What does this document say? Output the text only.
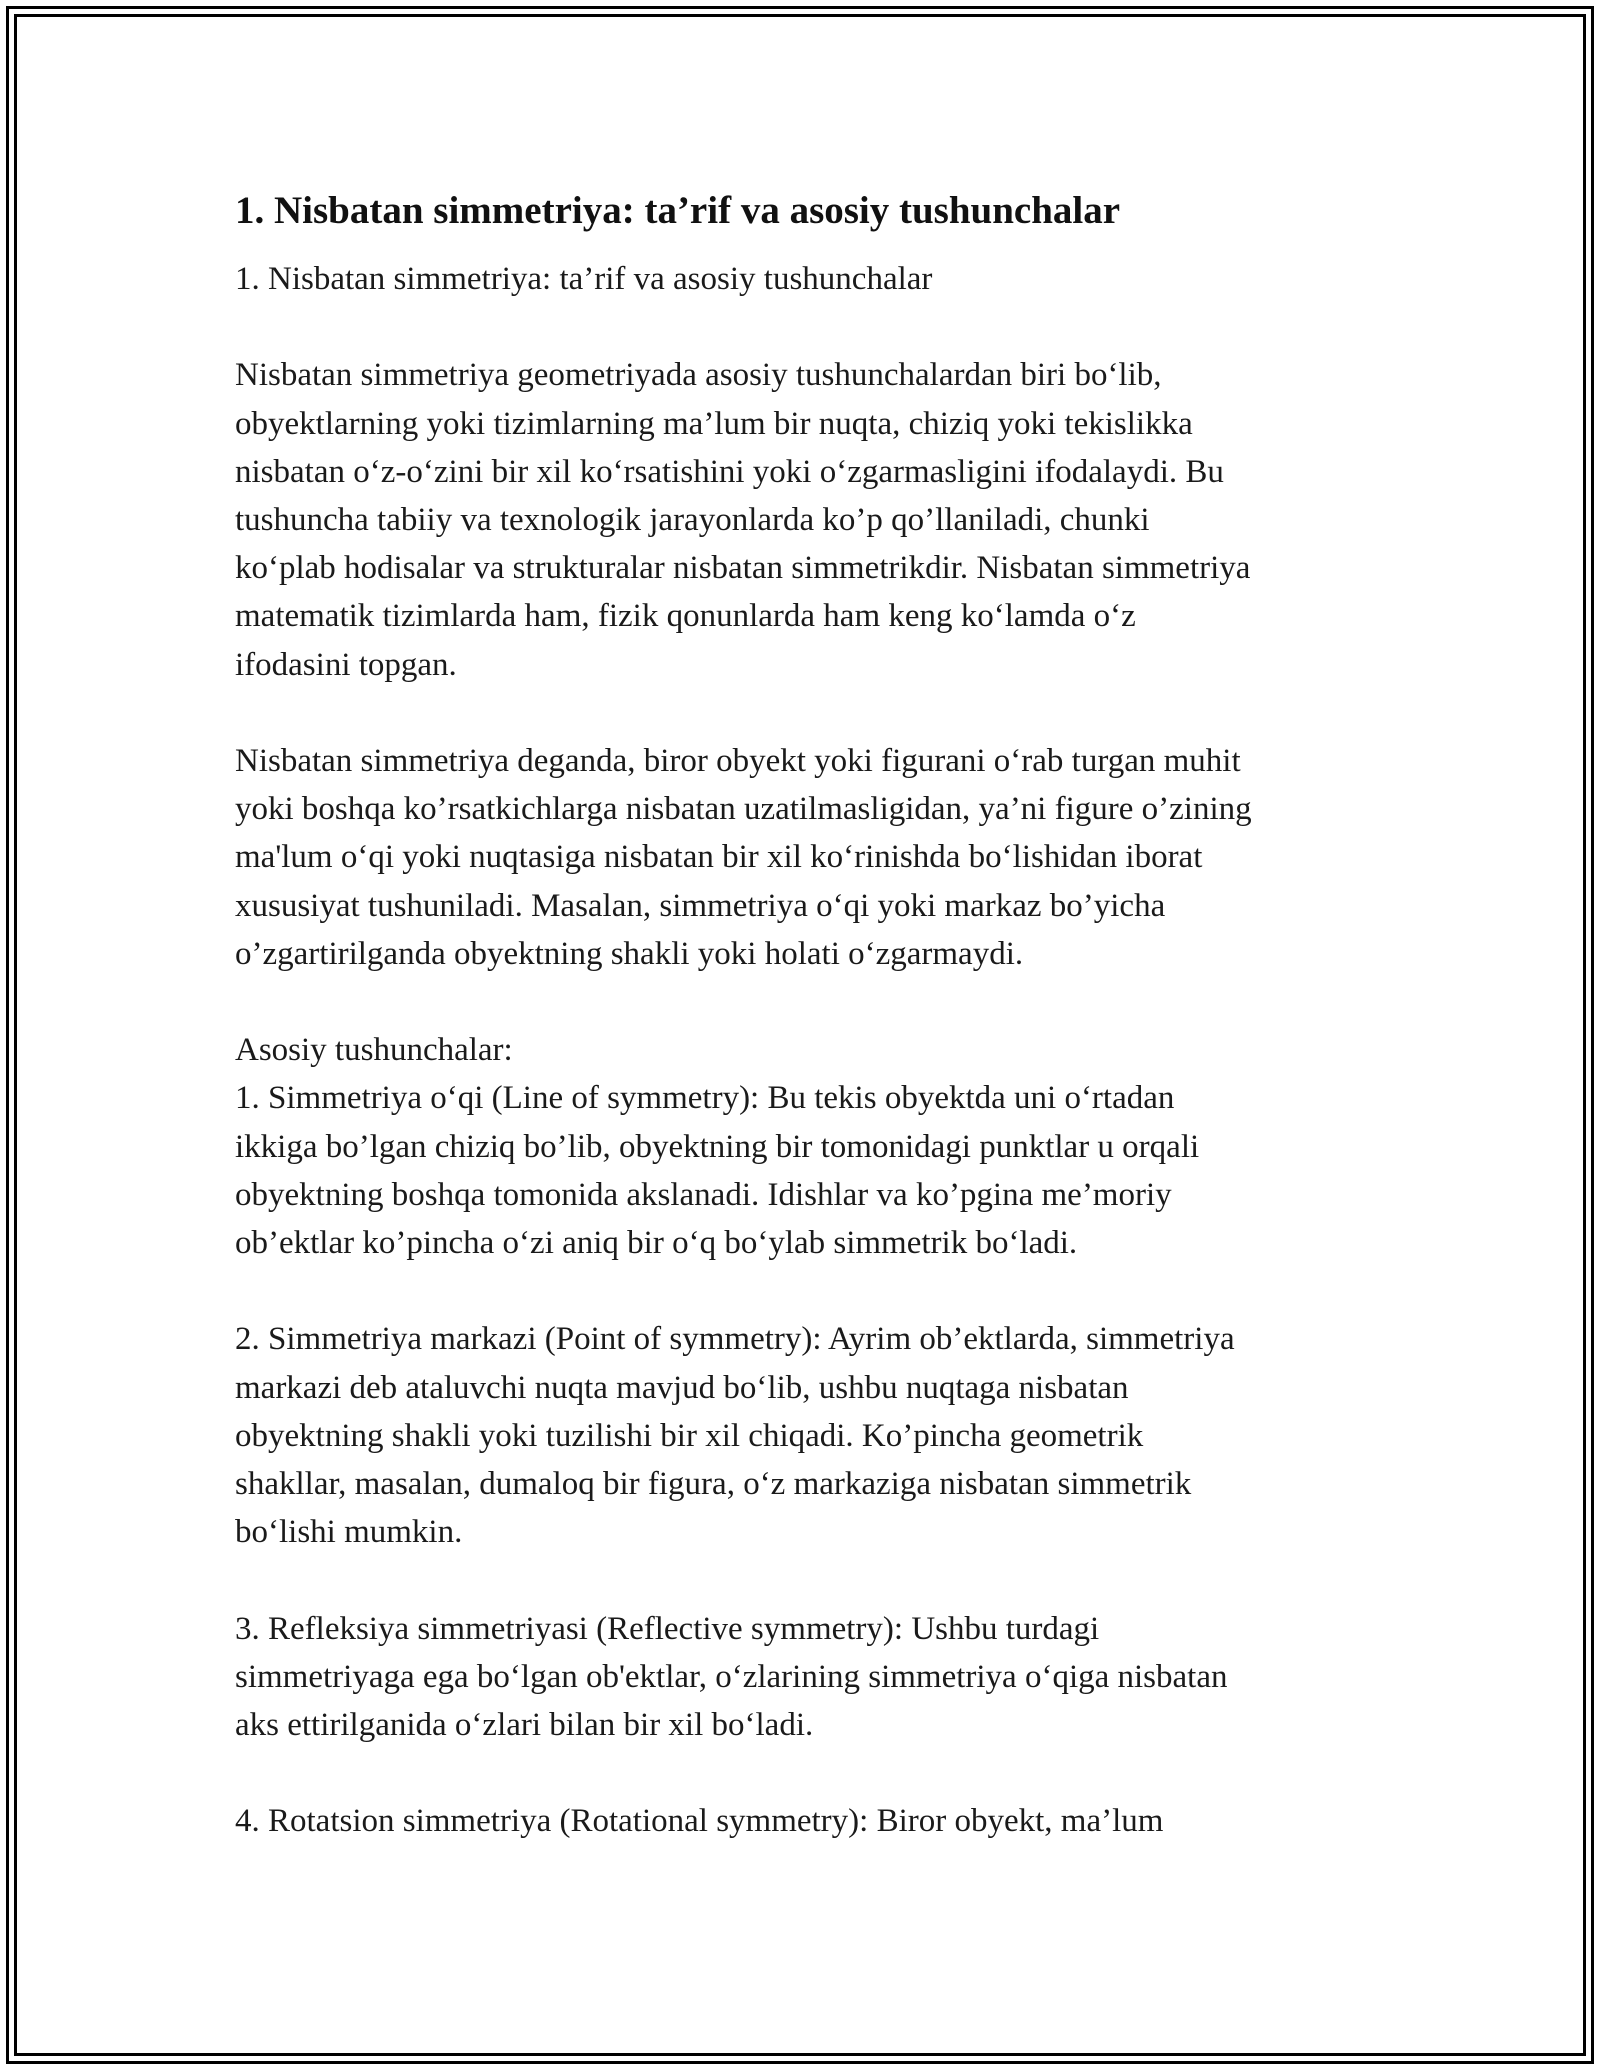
1. Nisbatan simmetriya: ta’rif va asosiy tushunchalar
1. Nisbatan simmetriya: ta’rif va asosiy tushunchalar
Nisbatan simmetriya geometriyada asosiy tushunchalardan biri bo‘lib,
obyektlarning yoki tizimlarning ma’lum bir nuqta, chiziq yoki tekislikka
nisbatan o‘z-o‘zini bir xil ko‘rsatishini yoki o‘zgarmasligini ifodalaydi. Bu
tushuncha tabiiy va texnologik jarayonlarda ko’p qo’llaniladi, chunki
ko‘plab hodisalar va strukturalar nisbatan simmetrikdir. Nisbatan simmetriya
matematik tizimlarda ham, fizik qonunlarda ham keng ko‘lamda o‘z
ifodasini topgan.
Nisbatan simmetriya deganda, biror obyekt yoki figurani o‘rab turgan muhit
yoki boshqa ko’rsatkichlarga nisbatan uzatilmasligidan, ya’ni figure o’zining
ma'lum o‘qi yoki nuqtasiga nisbatan bir xil ko‘rinishda bo‘lishidan iborat
xususiyat tushuniladi. Masalan, simmetriya o‘qi yoki markaz bo’yicha
o’zgartirilganda obyektning shakli yoki holati o‘zgarmaydi.
Asosiy tushunchalar:
1. Simmetriya o‘qi (Line of symmetry): Bu tekis obyektda uni o‘rtadan
ikkiga bo’lgan chiziq bo’lib, obyektning bir tomonidagi punktlar u orqali
obyektning boshqa tomonida akslanadi. Idishlar va ko’pgina me’moriy
ob’ektlar ko’pincha o‘zi aniq bir o‘q bo‘ylab simmetrik bo‘ladi.
2. Simmetriya markazi (Point of symmetry): Ayrim ob’ektlarda, simmetriya
markazi deb ataluvchi nuqta mavjud bo‘lib, ushbu nuqtaga nisbatan
obyektning shakli yoki tuzilishi bir xil chiqadi. Ko’pincha geometrik
shakllar, masalan, dumaloq bir figura, o‘z markaziga nisbatan simmetrik
bo‘lishi mumkin.
3. Refleksiya simmetriyasi (Reflective symmetry): Ushbu turdagi
simmetriyaga ega bo‘lgan ob'ektlar, o‘zlarining simmetriya o‘qiga nisbatan
aks ettirilganida o‘zlari bilan bir xil bo‘ladi.
4. Rotatsion simmetriya (Rotational symmetry): Biror obyekt, ma’lum
